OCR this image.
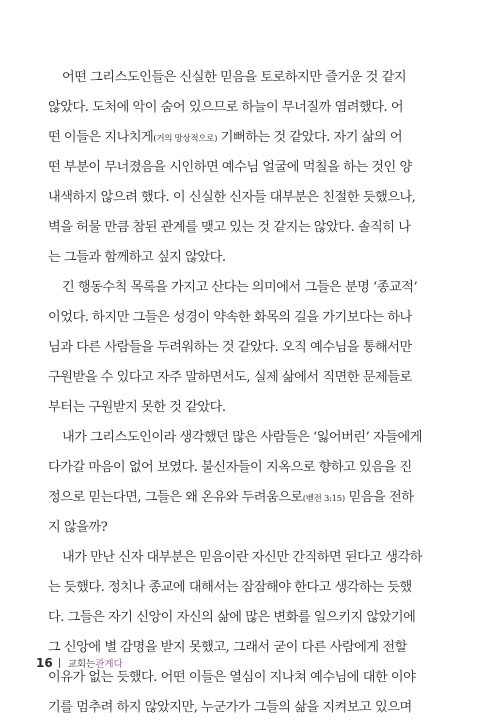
어떤 그리스도인들은 신실한 믿음을 토로하지만 즐거운 것 같지
않았다. 도처에 악이 숨어 있으므로 하늘이 무너질까 염려했다. 어
떤 이들은 지나치게(거의 망상적으로) 기뻐하는 것 같았다. 자기 삶의 어
떤 부분이 무너졌음을 시인하면 예수님 얼굴에 먹칠을 하는 것인 양
내색하지 않으려 했다. 이 신실한 신자들 대부분은 친절한 듯했으나,
벽을 허물 만큼 참된 관계를 맺고 있는 것 같지는 않았다. 솔직히 나
는 그들과 함께하고 싶지 않았다.
긴 행동수칙 목록을 가지고 산다는 의미에서 그들은 분명 ‘종교적’
이었다. 하지만 그들은 성경이 약속한 화목의 길을 가기보다는 하나
님과 다른 사람들을 두려워하는 것 같았다. 오직 예수님을 통해서만
구원받을 수 있다고 자주 말하면서도, 실제 삶에서 직면한 문제들로
부터는 구원받지 못한 것 같았다.
내가 그리스도인이라 생각했던 많은 사람들은 ‘잃어버린’ 자들에게
다가갈 마음이 없어 보였다. 불신자들이 지옥으로 향하고 있음을 진
정으로 믿는다면, 그들은 왜 온유와 두려움으로(벧전 3:15) 믿음을 전하
지 않을까?
내가 만난 신자 대부분은 믿음이란 자신만 간직하면 된다고 생각하
는 듯했다. 정치나 종교에 대해서는 잠잠해야 한다고 생각하는 듯했
다. 그들은 자기 신앙이 자신의 삶에 많은 변화를 일으키지 않았기에
그 신앙에 별 감명을 받지 못했고, 그래서 굳이 다른 사람에게 전할
이유가 없는 듯했다. 어떤 이들은 열심이 지나쳐 예수님에 대한 이야
기를 멈추려 하지 않았지만, 누군가가 그들의 삶을 지켜보고 있으며
16 교회는관계다
